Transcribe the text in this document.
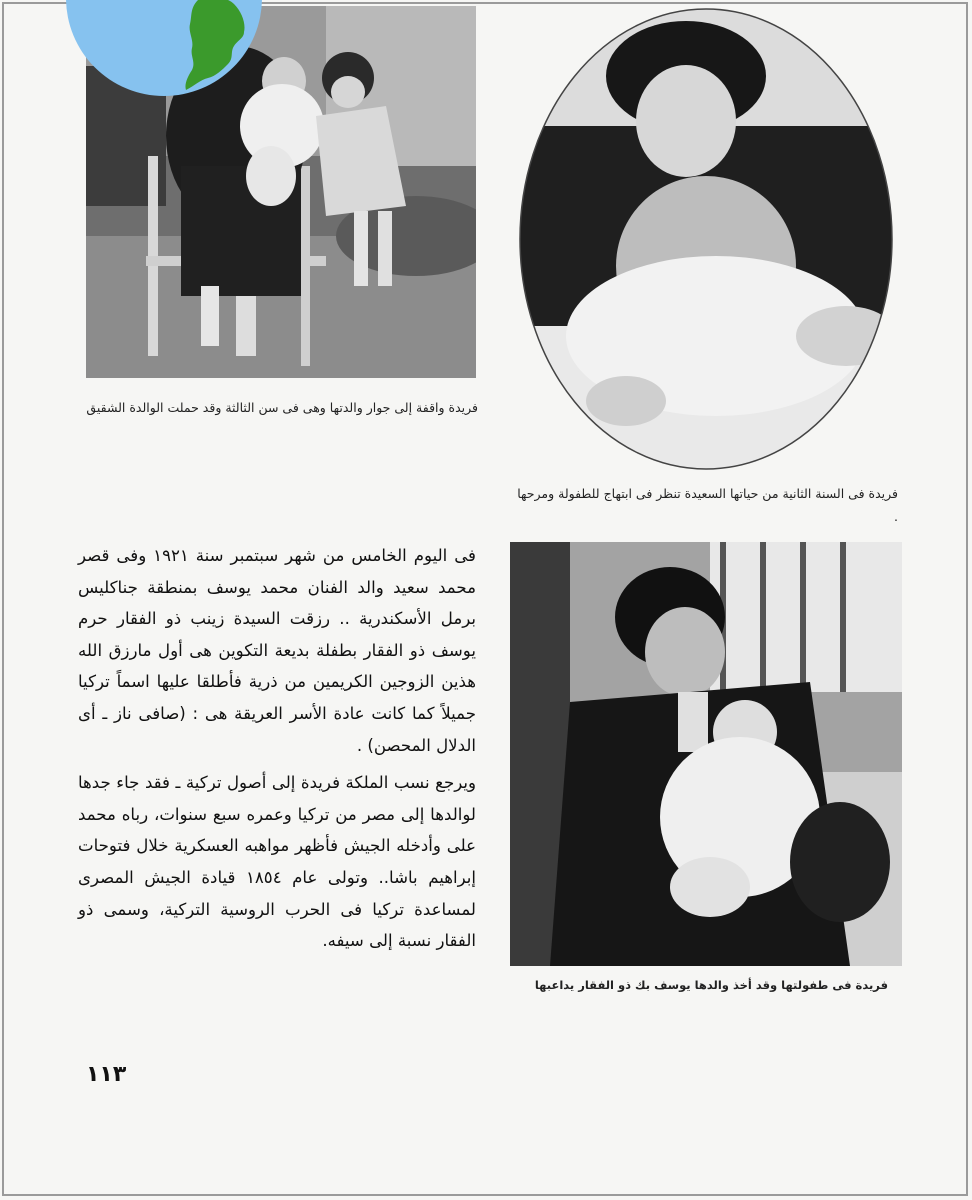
فريدة واقفة إلى جوار والدتها وهى فى سن الثالثة وقد حملت الوالدة الشقيق
فريدة فى السنة الثانية من حياتها السعيدة تنظر فى ابتهاج للطفولة ومرحها .
فريدة فى طفولتها وقد أخذ والدها يوسف بك ذو الفقار يداعبها

فى اليوم الخامس من شهر سبتمبر سنة ١٩٢١ وفى قصر محمد سعيد والد الفنان محمد يوسف بمنطقة جناكليس برمل الأسكندرية .. رزقت السيدة زينب ذو الفقار حرم يوسف ذو الفقار بطفلة بديعة التكوين هى أول مارزق الله هذين الزوجين الكريمين من ذرية فأطلقا عليها اسماً تركيا جميلاً كما كانت عادة الأسر العريقة هى : (صافى ناز ـ أى الدلال المحصن) .

ويرجع نسب الملكة فريدة إلى أصول تركية ـ فقد جاء جدها لوالدها إلى مصر من تركيا وعمره سبع سنوات، رباه محمد على وأدخله الجيش فأظهر مواهبه العسكرية خلال فتوحات إبراهيم باشا.. وتولى عام ١٨٥٤ قيادة الجيش المصرى لمساعدة تركيا فى الحرب الروسية التركية، وسمى ذو الفقار نسبة إلى سيفه.

١١٣
